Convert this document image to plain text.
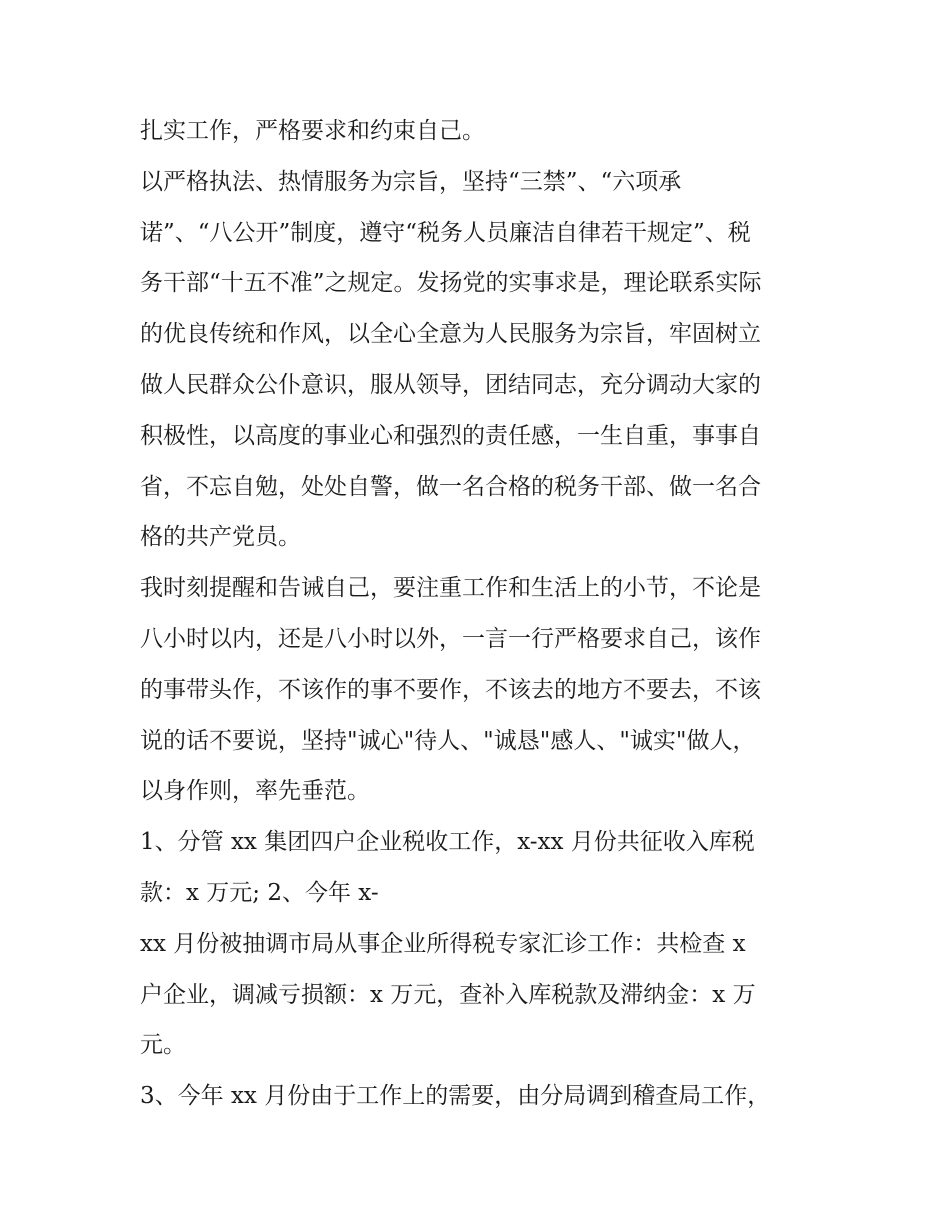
扎实工作，严格要求和约束自己。
以严格执法、热情服务为宗旨，坚持“三禁”、“六项承
诺”、“八公开”制度，遵守“税务人员廉洁自律若干规定”、税
务干部“十五不准”之规定。发扬党的实事求是，理论联系实际
的优良传统和作风，以全心全意为人民服务为宗旨，牢固树立
做人民群众公仆意识，服从领导，团结同志，充分调动大家的
积极性，以高度的事业心和强烈的责任感，一生自重，事事自
省，不忘自勉，处处自警，做一名合格的税务干部、做一名合
格的共产党员。
我时刻提醒和告诫自己，要注重工作和生活上的小节，不论是
八小时以内，还是八小时以外，一言一行严格要求自己，该作
的事带头作，不该作的事不要作，不该去的地方不要去，不该
说的话不要说，坚持"诚心"待人、"诚恳"感人、"诚实"做人，
以身作则，率先垂范。
1、分管 xx 集团四户企业税收工作，x-xx 月份共征收入库税
款：x 万元; 2、今年 x-
xx 月份被抽调市局从事企业所得税专家汇诊工作：共检查 x
户企业，调减亏损额：x 万元，查补入库税款及滞纳金：x 万
元。
3、今年 xx 月份由于工作上的需要，由分局调到稽查局工作，
